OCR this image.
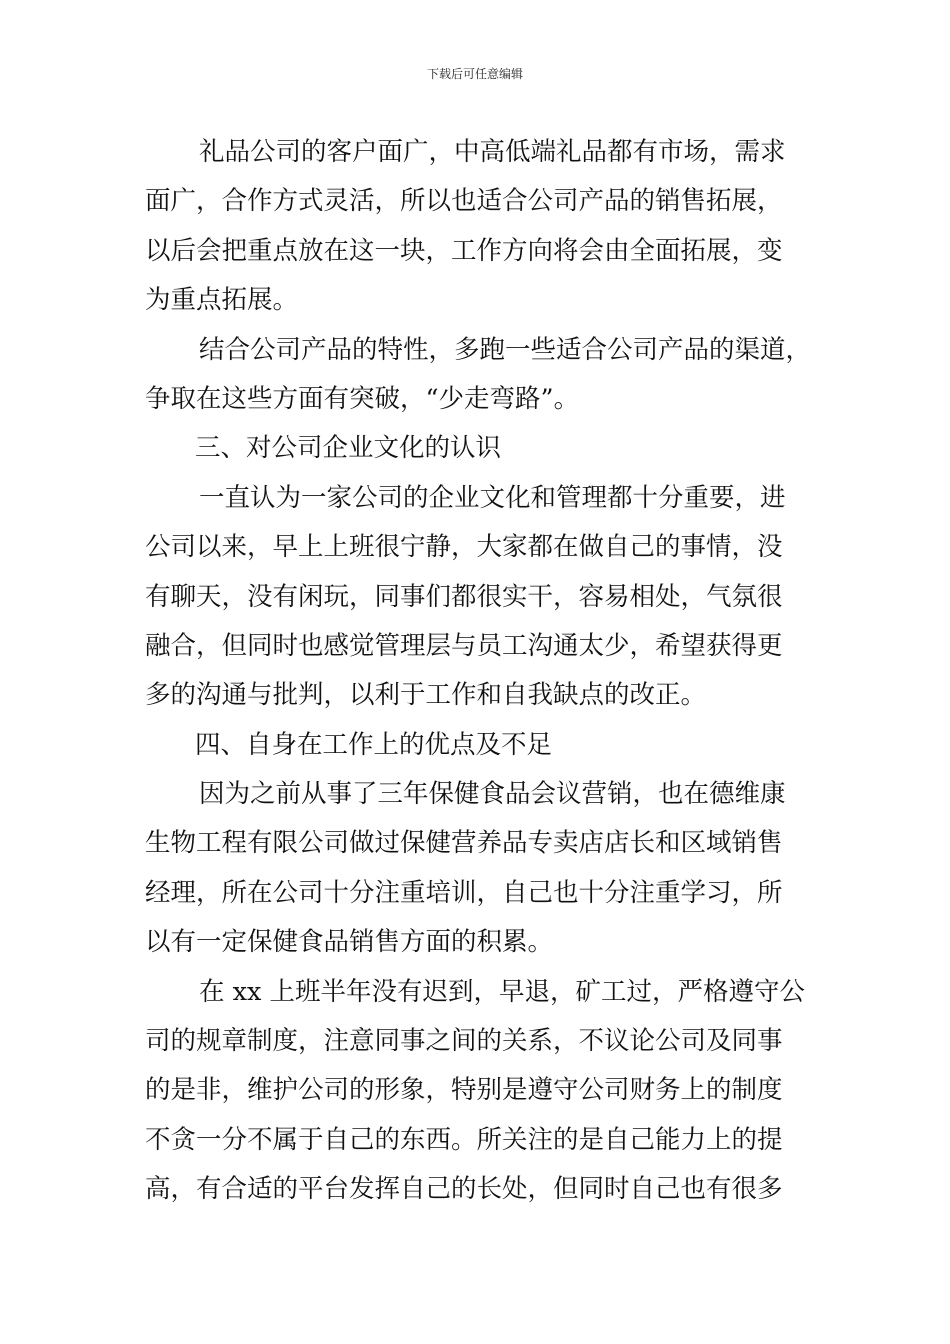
下载后可任意编辑
礼品公司的客户面广，中高低端礼品都有市场，需求
面广，合作方式灵活，所以也适合公司产品的销售拓展，
以后会把重点放在这一块，工作方向将会由全面拓展，变
为重点拓展。
结合公司产品的特性，多跑一些适合公司产品的渠道，
争取在这些方面有突破，“少走弯路”。
三、对公司企业文化的认识
一直认为一家公司的企业文化和管理都十分重要，进
公司以来，早上上班很宁静，大家都在做自己的事情，没
有聊天，没有闲玩，同事们都很实干，容易相处，气氛很
融合，但同时也感觉管理层与员工沟通太少，希望获得更
多的沟通与批判，以利于工作和自我缺点的改正。
四、自身在工作上的优点及不足
因为之前从事了三年保健食品会议营销，也在德维康
生物工程有限公司做过保健营养品专卖店店长和区域销售
经理，所在公司十分注重培训，自己也十分注重学习，所
以有一定保健食品销售方面的积累。
在 xx 上班半年没有迟到，早退，矿工过，严格遵守公
司的规章制度，注意同事之间的关系，不议论公司及同事
的是非，维护公司的形象，特别是遵守公司财务上的制度
不贪一分不属于自己的东西。所关注的是自己能力上的提
高，有合适的平台发挥自己的长处，但同时自己也有很多
